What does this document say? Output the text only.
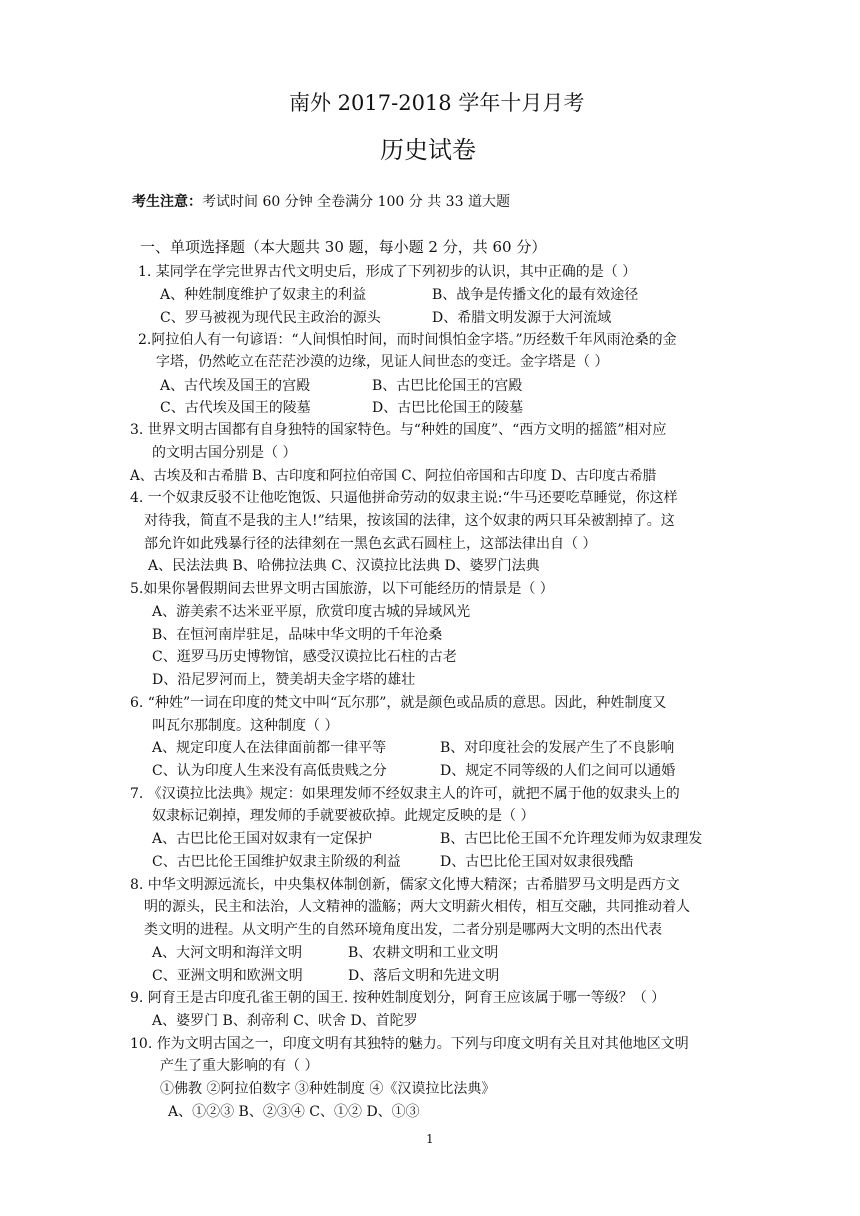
南外 2017-2018 学年十月月考
历史试卷
考生注意：考试时间 60 分钟 全卷满分 100 分 共 33 道大题
一、单项选择题（本大题共 30 题，每小题 2 分，共 60 分）
1. 某同学在学完世界古代文明史后，形成了下列初步的认识，其中正确的是（ ）
A、种姓制度维护了奴隶主的利益	B、战争是传播文化的最有效途径
C、罗马被视为现代民主政治的源头	D、希腊文明发源于大河流域
2.阿拉伯人有一句谚语：“人间惧怕时间，而时间惧怕金字塔。”历经数千年风雨沧桑的金
字塔，仍然屹立在茫茫沙漠的边缘，见证人间世态的变迁。金字塔是（ ）
A、古代埃及国王的宫殿	B、古巴比伦国王的宫殿
C、古代埃及国王的陵墓	D、古巴比伦国王的陵墓
3. 世界文明古国都有自身独特的国家特色。与“种姓的国度”、“西方文明的摇篮”相对应
的文明古国分别是（ ）
A、古埃及和古希腊 B、古印度和阿拉伯帝国 C、阿拉伯帝国和古印度 D、古印度古希腊
4. 一个奴隶反驳不让他吃饱饭、只逼他拼命劳动的奴隶主说:“牛马还要吃草睡觉，你这样
对待我，简直不是我的主人!”结果，按该国的法律，这个奴隶的两只耳朵被割掉了。这
部允许如此残暴行径的法律刻在一黑色玄武石圆柱上，这部法律出自（ ）
A、民法法典 B、哈佛拉法典 C、汉谟拉比法典 D、婆罗门法典
5.如果你暑假期间去世界文明古国旅游，以下可能经历的情景是（ ）
A、游美索不达米亚平原，欣赏印度古城的异域风光
B、在恒河南岸驻足，品味中华文明的千年沧桑
C、逛罗马历史博物馆，感受汉谟拉比石柱的古老
D、沿尼罗河而上，赞美胡夫金字塔的雄壮
6. “种姓”一词在印度的梵文中叫“瓦尔那”，就是颜色或品质的意思。因此，种姓制度又
叫瓦尔那制度。这种制度（ ）
A、规定印度人在法律面前都一律平等	B、对印度社会的发展产生了不良影响
C、认为印度人生来没有高低贵贱之分	D、规定不同等级的人们之间可以通婚
7. 《汉谟拉比法典》规定：如果理发师不经奴隶主人的许可，就把不属于他的奴隶头上的
奴隶标记剃掉，理发师的手就要被砍掉。此规定反映的是（ ）
A、古巴比伦王国对奴隶有一定保护	B、古巴比伦王国不允许理发师为奴隶理发
C、古巴比伦王国维护奴隶主阶级的利益	D、古巴比伦王国对奴隶很残酷
8. 中华文明源远流长，中央集权体制创新，儒家文化博大精深；古希腊罗马文明是西方文
明的源头，民主和法治，人文精神的滥觞；两大文明薪火相传，相互交融，共同推动着人
类文明的进程。从文明产生的自然环境角度出发，二者分别是哪两大文明的杰出代表
A、大河文明和海洋文明	B、农耕文明和工业文明
C、亚洲文明和欧洲文明	D、落后文明和先进文明
9. 阿育王是古印度孔雀王朝的国王. 按种姓制度划分，阿育王应该属于哪一等级？（ ）
A、婆罗门 B、刹帝利 C、吠舍 D、首陀罗
10. 作为文明古国之一，印度文明有其独特的魅力。下列与印度文明有关且对其他地区文明
产生了重大影响的有（ ）
①佛教 ②阿拉伯数字 ③种姓制度 ④《汉谟拉比法典》
A、①②③ B、②③④ C、①② D、①③
1
